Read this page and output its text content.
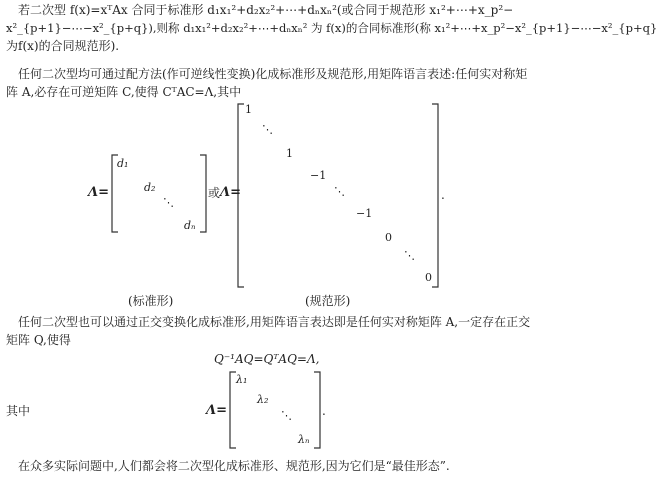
若二次型 f(x)=xᵀAx 合同于标准形 d₁x₁²+d₂x₂²+⋯+dₙxₙ²(或合同于规范形 x₁²+⋯+x_p²−
x²_{p+1}−⋯−x²_{p+q}),则称 d₁x₁²+d₂x₂²+⋯+dₙxₙ² 为 f(x)的合同标准形(称 x₁²+⋯+x_p²−x²_{p+1}−⋯−x²_{p+q}
为f(x)的合同规范形).
任何二次型均可通过配方法(作可逆线性变换)化成标准形及规范形,用矩阵语言表述:任何实对称矩
阵 A,必存在可逆矩阵 C,使得 CᵀAC=Λ,其中
Λ=
d₁
d₂
⋱
dₙ
或
(标准形)
Λ=
1
⋱
1
−1
⋱
−1
0
⋱
0
.
(规范形)
任何二次型也可以通过正交变换化成标准形,用矩阵语言表达即是任何实对称矩阵 A,一定存在正交
矩阵 Q,使得
Q⁻¹AQ=QᵀAQ=Λ,
其中	Λ=
λ₁
λ₂
⋱
λₙ
.
在众多实际问题中,人们都会将二次型化成标准形、规范形,因为它们是“最佳形态”.
